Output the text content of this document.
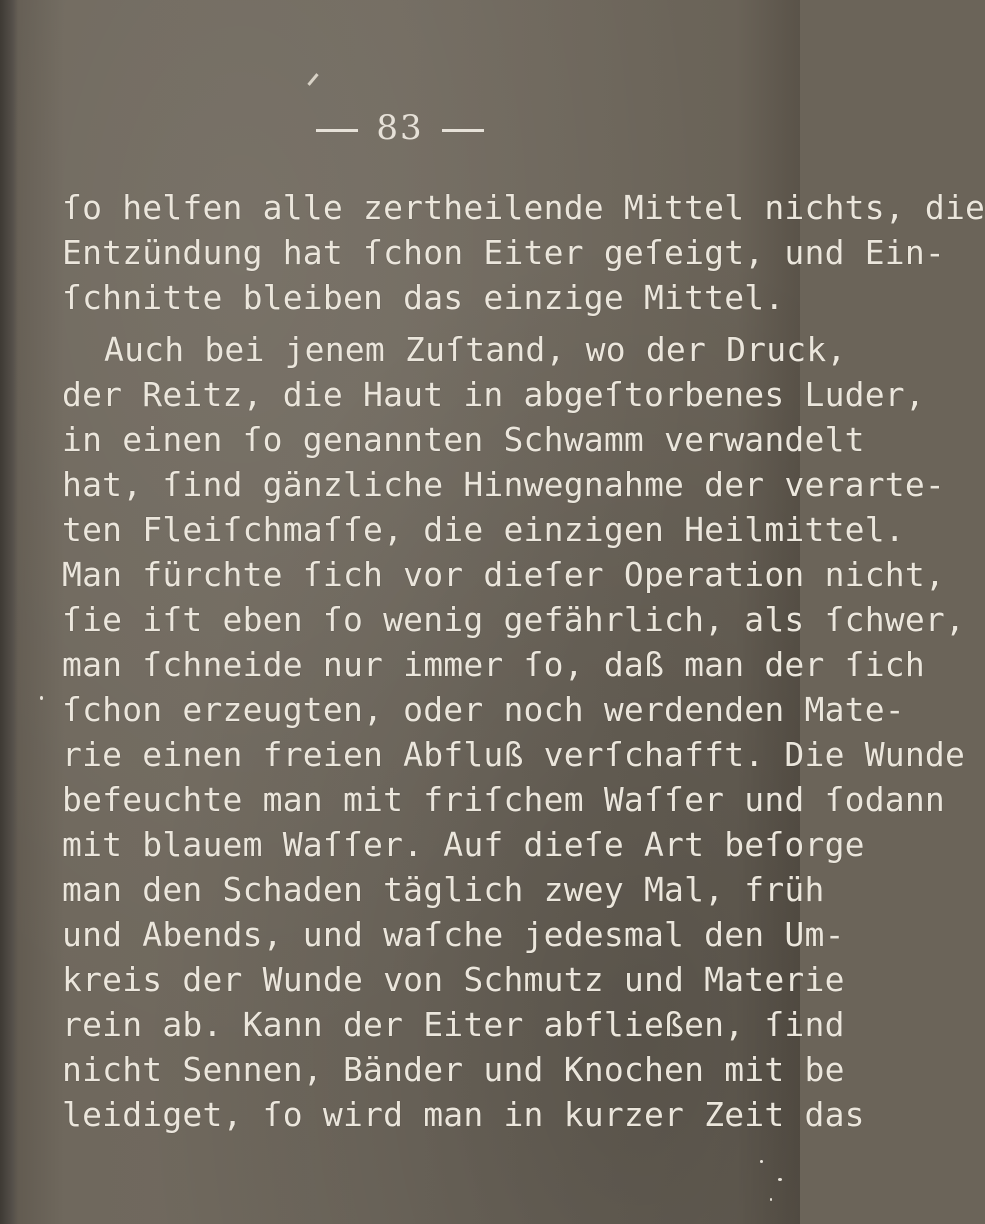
83
ſo helfen alle zertheilende Mittel nichts, die
Entzündung hat ſchon Eiter geſeigt, und Ein-
ſchnitte bleiben das einzige Mittel.
Auch bei jenem Zuſtand, wo der Druck,
der Reitz, die Haut in abgeſtorbenes Luder,
in einen ſo genannten Schwamm verwandelt
hat, ſind gänzliche Hinwegnahme der verarte-
ten Fleiſchmaſſe, die einzigen Heilmittel.
Man fürchte ſich vor dieſer Operation nicht,
ſie iſt eben ſo wenig gefährlich, als ſchwer,
man ſchneide nur immer ſo, daß man der ſich
ſchon erzeugten, oder noch werdenden Mate-
rie einen freien Abfluß verſchafft. Die Wunde
befeuchte man mit friſchem Waſſer und ſodann
mit blauem Waſſer. Auf dieſe Art beſorge
man den Schaden täglich zwey Mal, früh
und Abends, und waſche jedesmal den Um-
kreis der Wunde von Schmutz und Materie
rein ab. Kann der Eiter abfließen, ſind
nicht Sennen, Bänder und Knochen mit be
leidiget, ſo wird man in kurzer Zeit das
